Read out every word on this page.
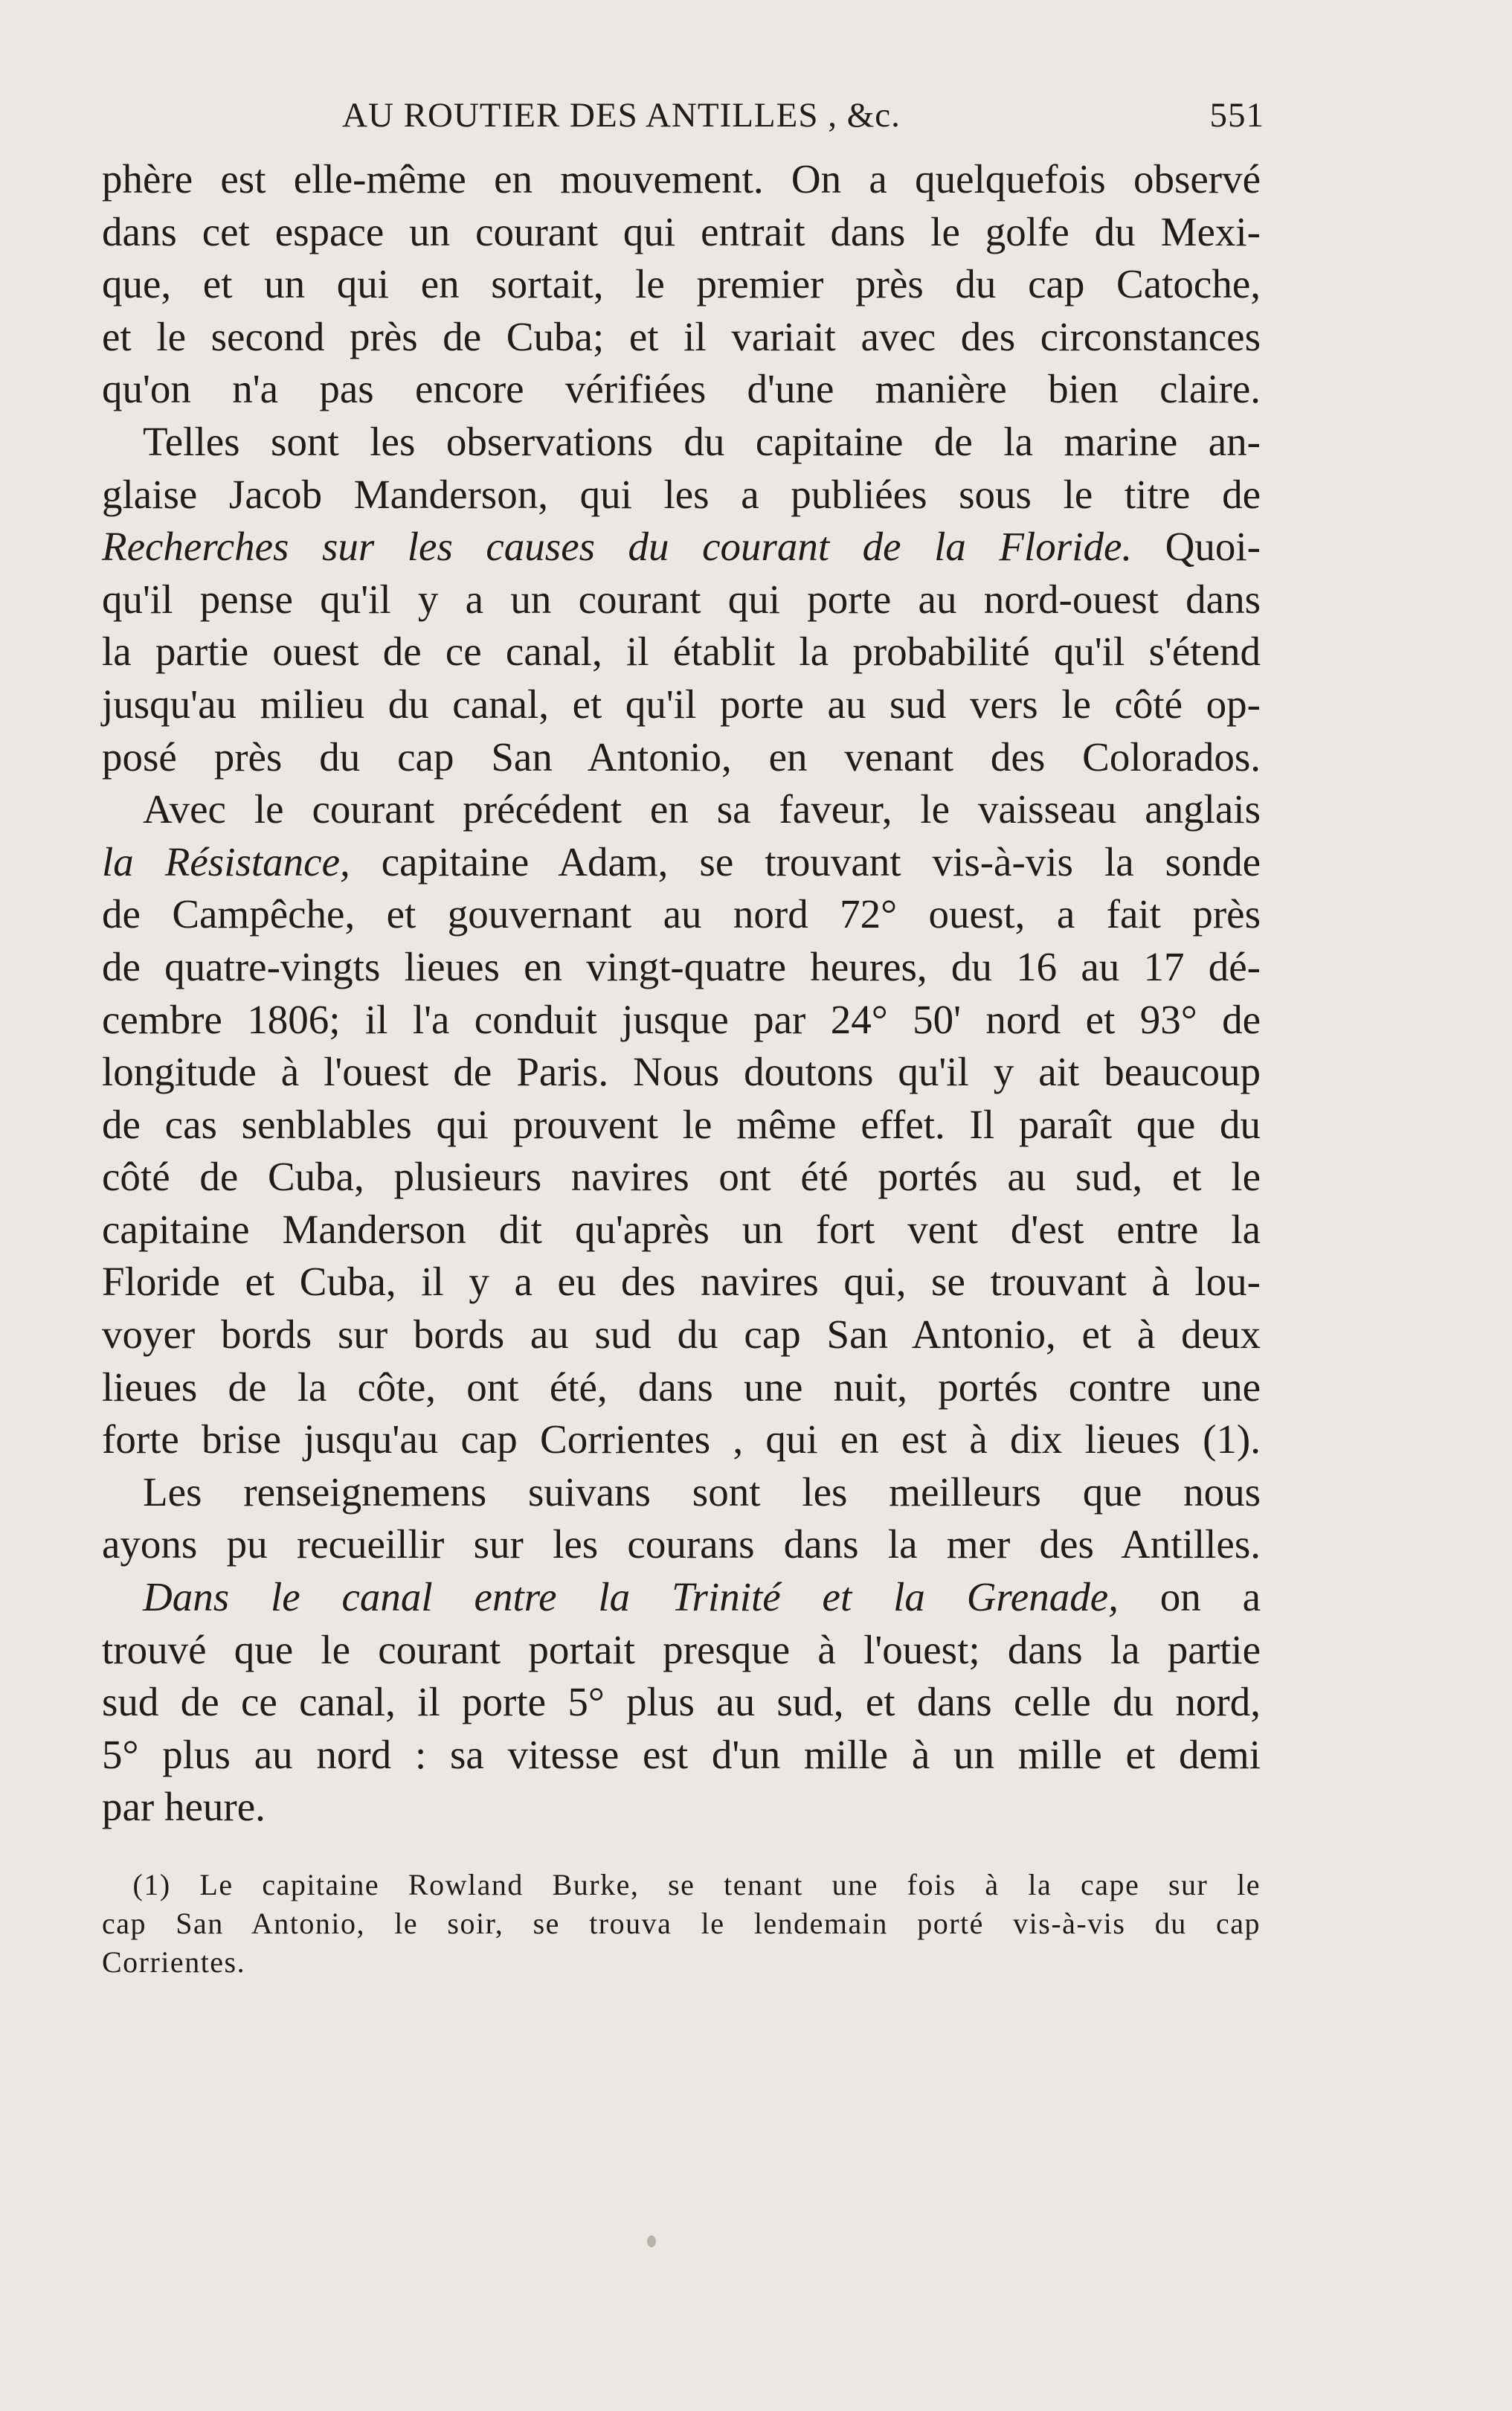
AU ROUTIER DES ANTILLES , &c.	551
phère est elle-même en mouvement. On a quelquefois observé
dans cet espace un courant qui entrait dans le golfe du Mexi-
que, et un qui en sortait, le premier près du cap Catoche,
et le second près de Cuba; et il variait avec des circonstances
qu'on n'a pas encore vérifiées d'une manière bien claire.
 Telles sont les observations du capitaine de la marine an-
glaise Jacob Manderson, qui les a publiées sous le titre de
Recherches sur les causes du courant de la Floride. Quoi-
qu'il pense qu'il y a un courant qui porte au nord-ouest dans
la partie ouest de ce canal, il établit la probabilité qu'il s'étend
jusqu'au milieu du canal, et qu'il porte au sud vers le côté op-
posé près du cap San Antonio, en venant des Colorados.
 Avec le courant précédent en sa faveur, le vaisseau anglais
la Résistance, capitaine Adam, se trouvant vis-à-vis la sonde
de Campêche, et gouvernant au nord 72° ouest, a fait près
de quatre-vingts lieues en vingt-quatre heures, du 16 au 17 dé-
cembre 1806; il l'a conduit jusque par 24° 50' nord et 93° de
longitude à l'ouest de Paris. Nous doutons qu'il y ait beaucoup
de cas senblables qui prouvent le même effet. Il paraît que du
côté de Cuba, plusieurs navires ont été portés au sud, et le
capitaine Manderson dit qu'après un fort vent d'est entre la
Floride et Cuba, il y a eu des navires qui, se trouvant à lou-
voyer bords sur bords au sud du cap San Antonio, et à deux
lieues de la côte, ont été, dans une nuit, portés contre une
forte brise jusqu'au cap Corrientes , qui en est à dix lieues (1).
 Les renseignemens suivans sont les meilleurs que nous
ayons pu recueillir sur les courans dans la mer des Antilles.
 Dans le canal entre la Trinité et la Grenade, on a
trouvé que le courant portait presque à l'ouest; dans la partie
sud de ce canal, il porte 5° plus au sud, et dans celle du nord,
5° plus au nord : sa vitesse est d'un mille à un mille et demi
par heure.
 (1) Le capitaine Rowland Burke, se tenant une fois à la cape sur le
cap San Antonio, le soir, se trouva le lendemain porté vis-à-vis du cap
Corrientes.
